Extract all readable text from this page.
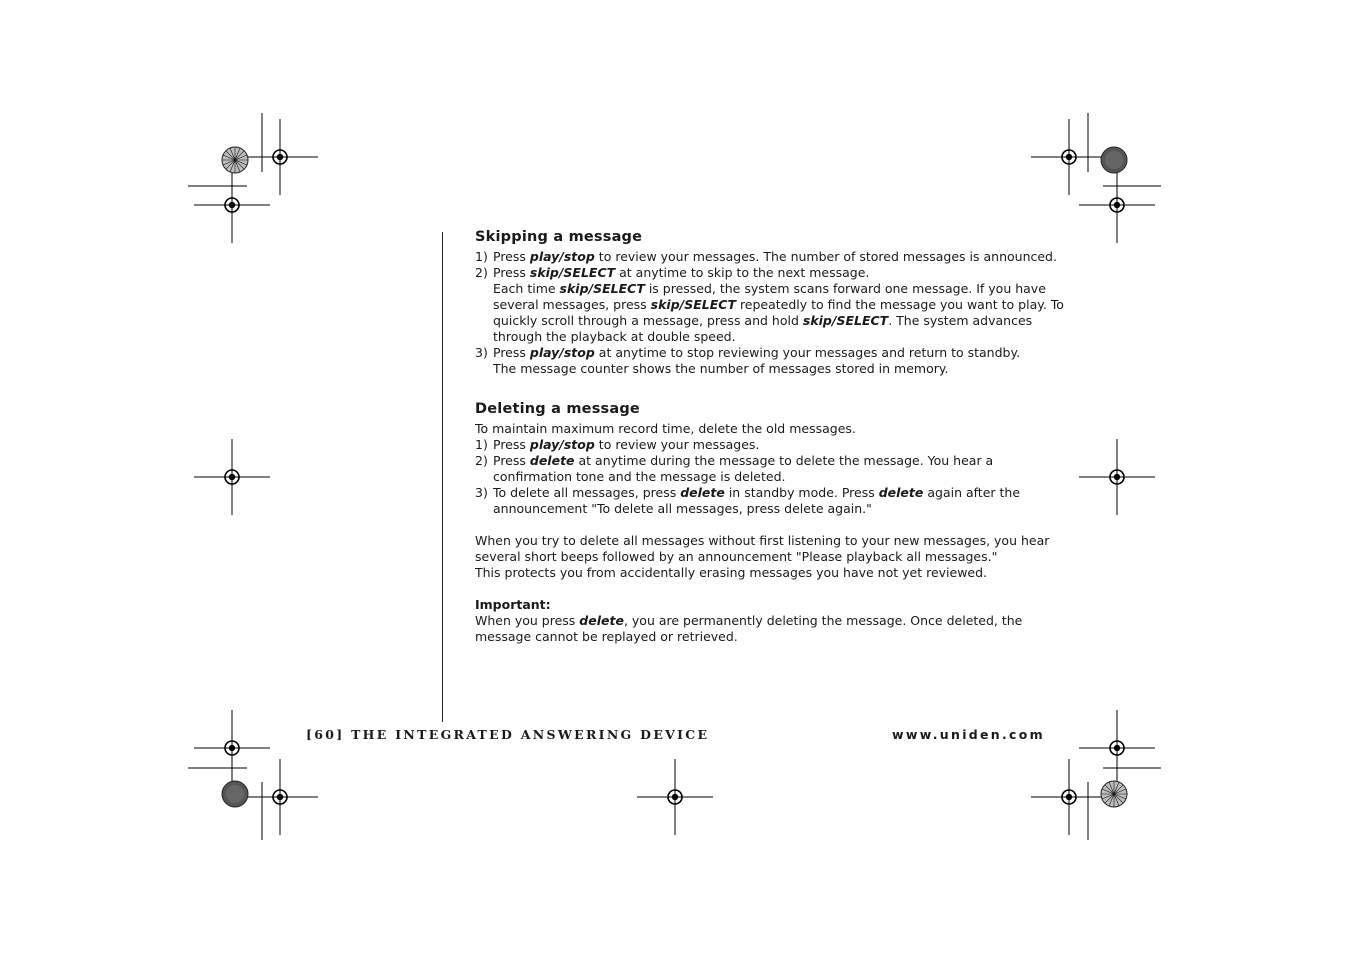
Skipping a message
1) Press play/stop to review your messages. The number of stored messages is announced.
2) Press skip/SELECT at anytime to skip to the next message.
Each time skip/SELECT is pressed, the system scans forward one message. If you have several messages, press skip/SELECT repeatedly to find the message you want to play. To quickly scroll through a message, press and hold skip/SELECT. The system advances through the playback at double speed.
3) Press play/stop at anytime to stop reviewing your messages and return to standby.
The message counter shows the number of messages stored in memory.
Deleting a message
To maintain maximum record time, delete the old messages.
1) Press play/stop to review your messages.
2) Press delete at anytime during the message to delete the message. You hear a confirmation tone and the message is deleted.
3) To delete all messages, press delete in standby mode. Press delete again after the announcement "To delete all messages, press delete again."
When you try to delete all messages without first listening to your new messages, you hear several short beeps followed by an announcement "Please playback all messages."
This protects you from accidentally erasing messages you have not yet reviewed.
Important:
When you press delete, you are permanently deleting the message. Once deleted, the message cannot be replayed or retrieved.
[60] THE INTEGRATED ANSWERING DEVICE	www.uniden.com
